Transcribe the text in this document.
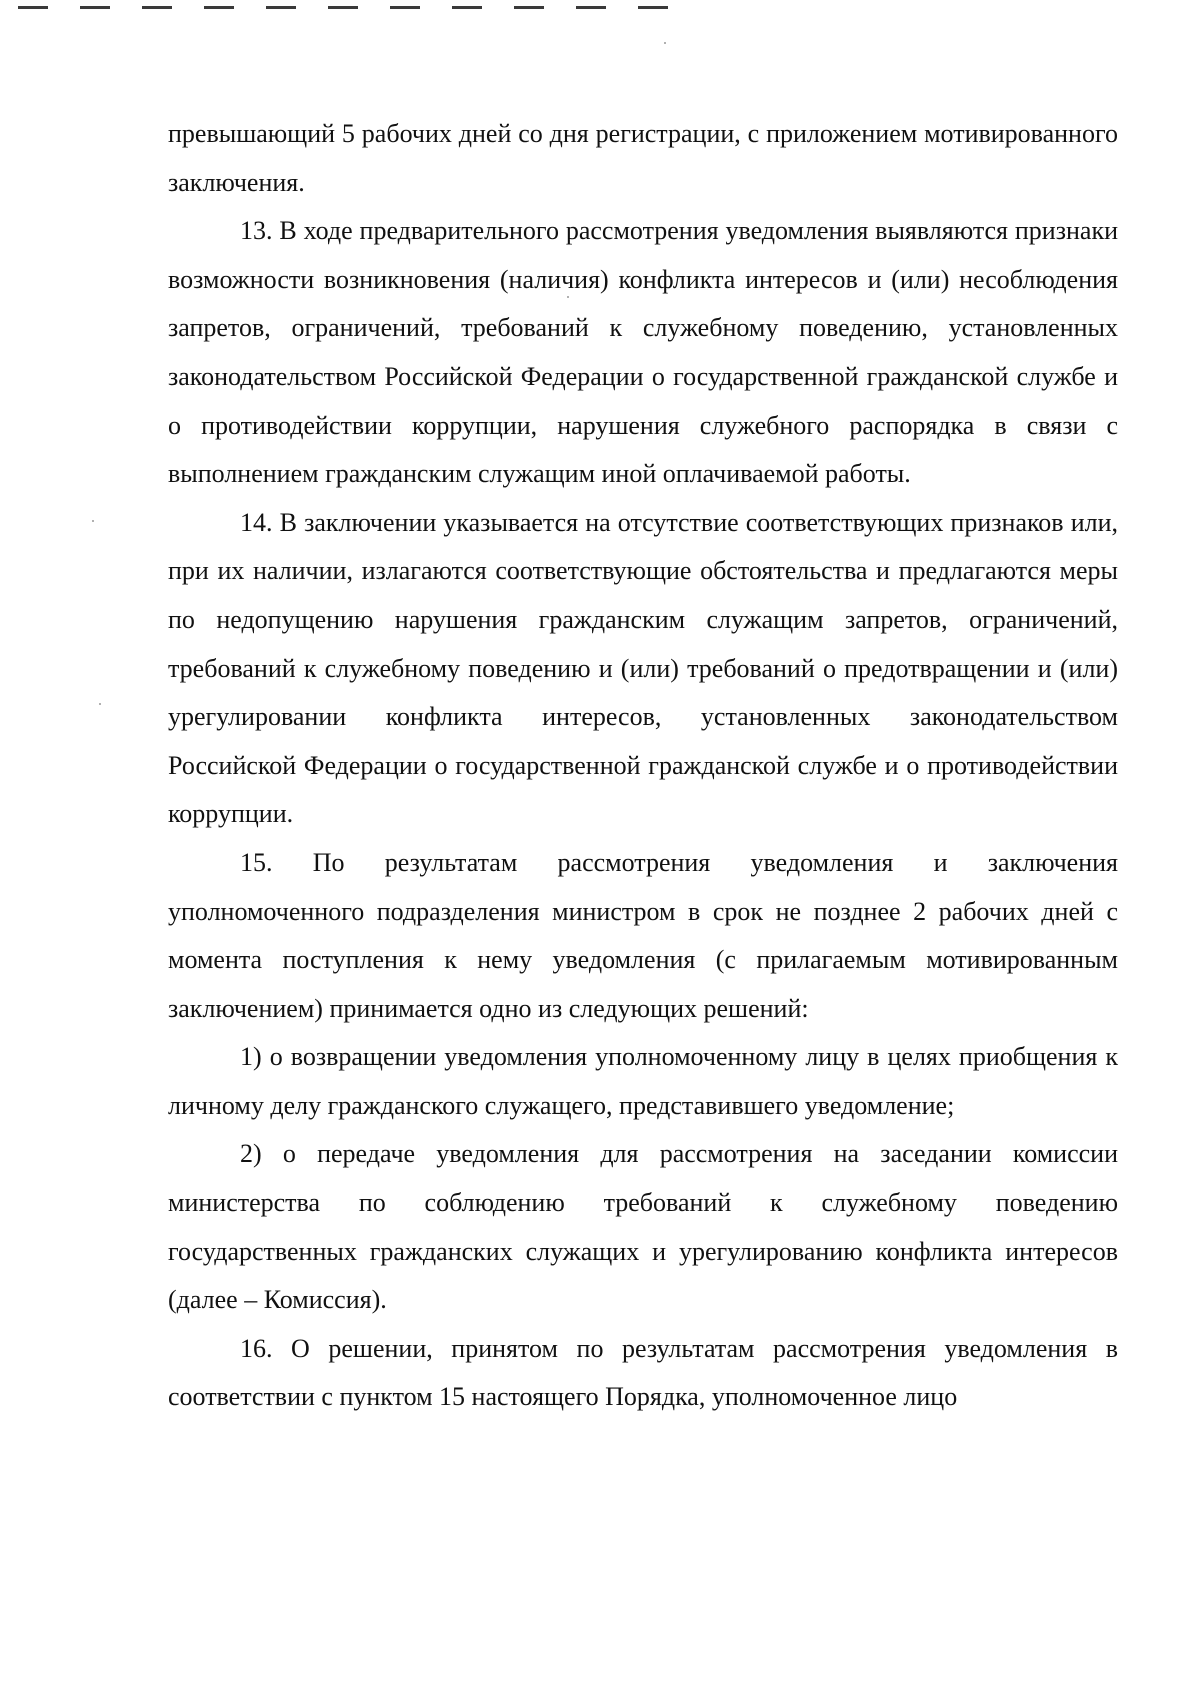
превышающий 5 рабочих дней со дня регистрации, с приложением мотивированного заключения.

13. В ходе предварительного рассмотрения уведомления выявляются признаки возможности возникновения (наличия) конфликта интересов и (или) несоблюдения запретов, ограничений, требований к служебному поведению, установленных законодательством Российской Федерации о государственной гражданской службе и о противодействии коррупции, нарушения служебного распорядка в связи с выполнением гражданским служащим иной оплачиваемой работы.

14. В заключении указывается на отсутствие соответствующих признаков или, при их наличии, излагаются соответствующие обстоятельства и предлагаются меры по недопущению нарушения гражданским служащим запретов, ограничений, требований к служебному поведению и (или) требований о предотвращении и (или) урегулировании конфликта интересов, установленных законодательством Российской Федерации о государственной гражданской службе и о противодействии коррупции.

15. По результатам рассмотрения уведомления и заключения уполномоченного подразделения министром в срок не позднее 2 рабочих дней с момента поступления к нему уведомления (с прилагаемым мотивированным заключением) принимается одно из следующих решений:

1) о возвращении уведомления уполномоченному лицу в целях приобщения к личному делу гражданского служащего, представившего уведомление;

2) о передаче уведомления для рассмотрения на заседании комиссии министерства по соблюдению требований к служебному поведению государственных гражданских служащих и урегулированию конфликта интересов (далее – Комиссия).

16. О решении, принятом по результатам рассмотрения уведомления в соответствии с пунктом 15 настоящего Порядка, уполномоченное лицо
